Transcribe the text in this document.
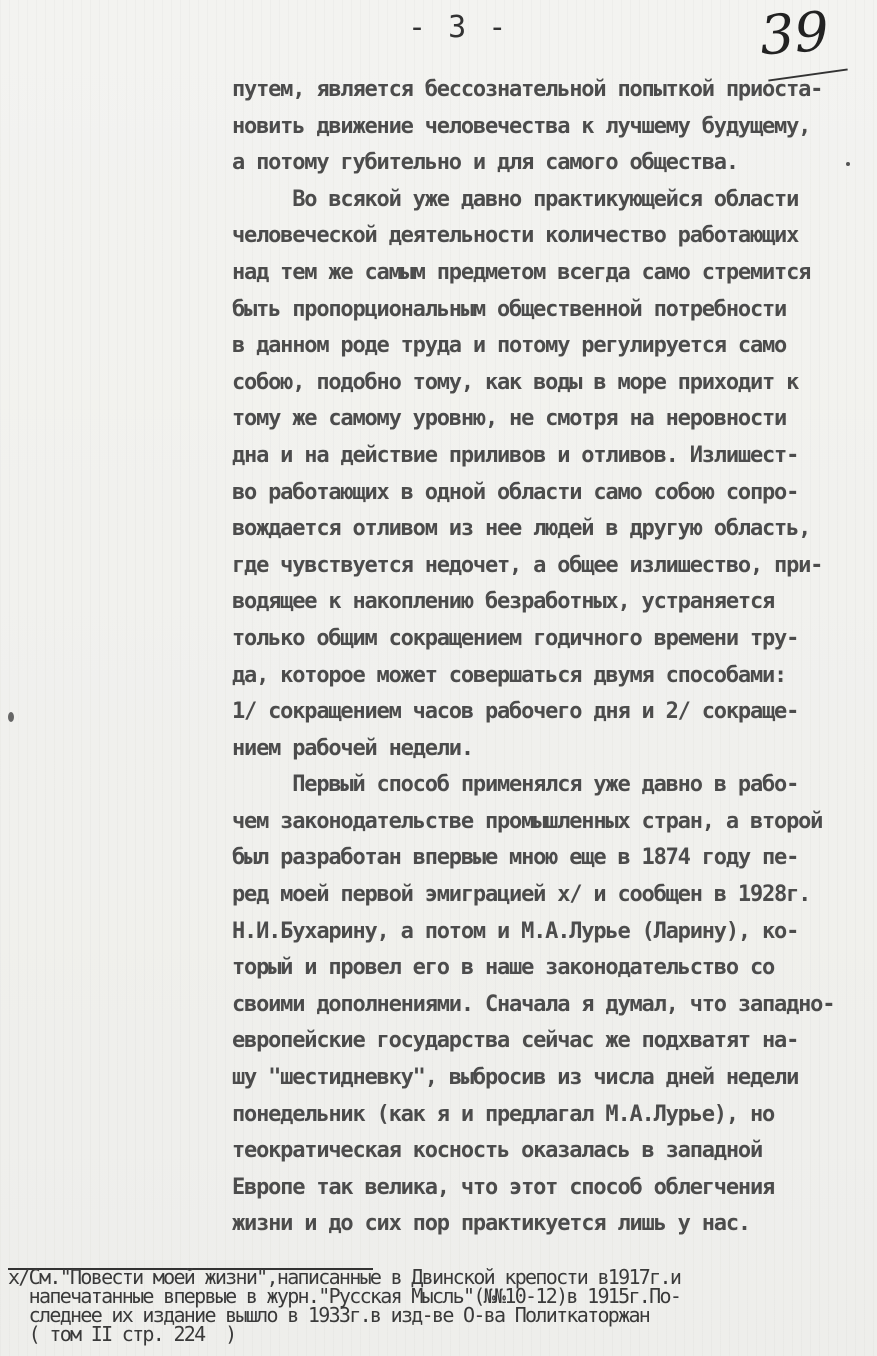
- 3 -	39
путем, является бессознательной попыткой приоста-
новить движение человечества к лучшему будущему,
а потому губительно и для самого общества.
Во всякой уже давно практикующейся области
человеческой деятельности количество работающих
над тем же самым предметом всегда само стремится
быть пропорциональным общественной потребности
в данном роде труда и потому регулируется само
собою, подобно тому, как воды в море приходит к
тому же самому уровню, не смотря на неровности
дна и на действие приливов и отливов. Излишест-
во работающих в одной области само собою сопро-
вождается отливом из нее людей в другую область,
где чувствуется недочет, а общее излишество, при-
водящее к накоплению безработных, устраняется
только общим сокращением годичного времени тру-
да, которое может совершаться двумя способами:
1/ сокращением часов рабочего дня и 2/ сокраще-
нием рабочей недели.
Первый способ применялся уже давно в рабо-
чем законодательстве промышленных стран, а второй
был разработан впервые мною еще в 1874 году пе-
ред моей первой эмиграцией x/ и сообщен в 1928г.
Н.И.Бухарину, а потом и М.А.Лурье (Ларину), ко-
торый и провел его в наше законодательство со
своими дополнениями. Сначала я думал, что западно-
европейские государства сейчас же подхватят на-
шу "шестидневку", выбросив из числа дней недели
понедельник (как я и предлагал М.А.Лурье), но
теократическая косность оказалась в западной
Европе так велика, что этот способ облегчения
жизни и до сих пор практикуется лишь у нас.
x/См."Повести моей жизни",написанные в Двинской крепости в1917г.и
напечатанные впервые в журн."Русская Мысль"(№№10-12)в 1915г.По-
следнее их издание вышло в 1933г.в изд-ве О-ва Политкаторжан
( том II стр. 224  )
